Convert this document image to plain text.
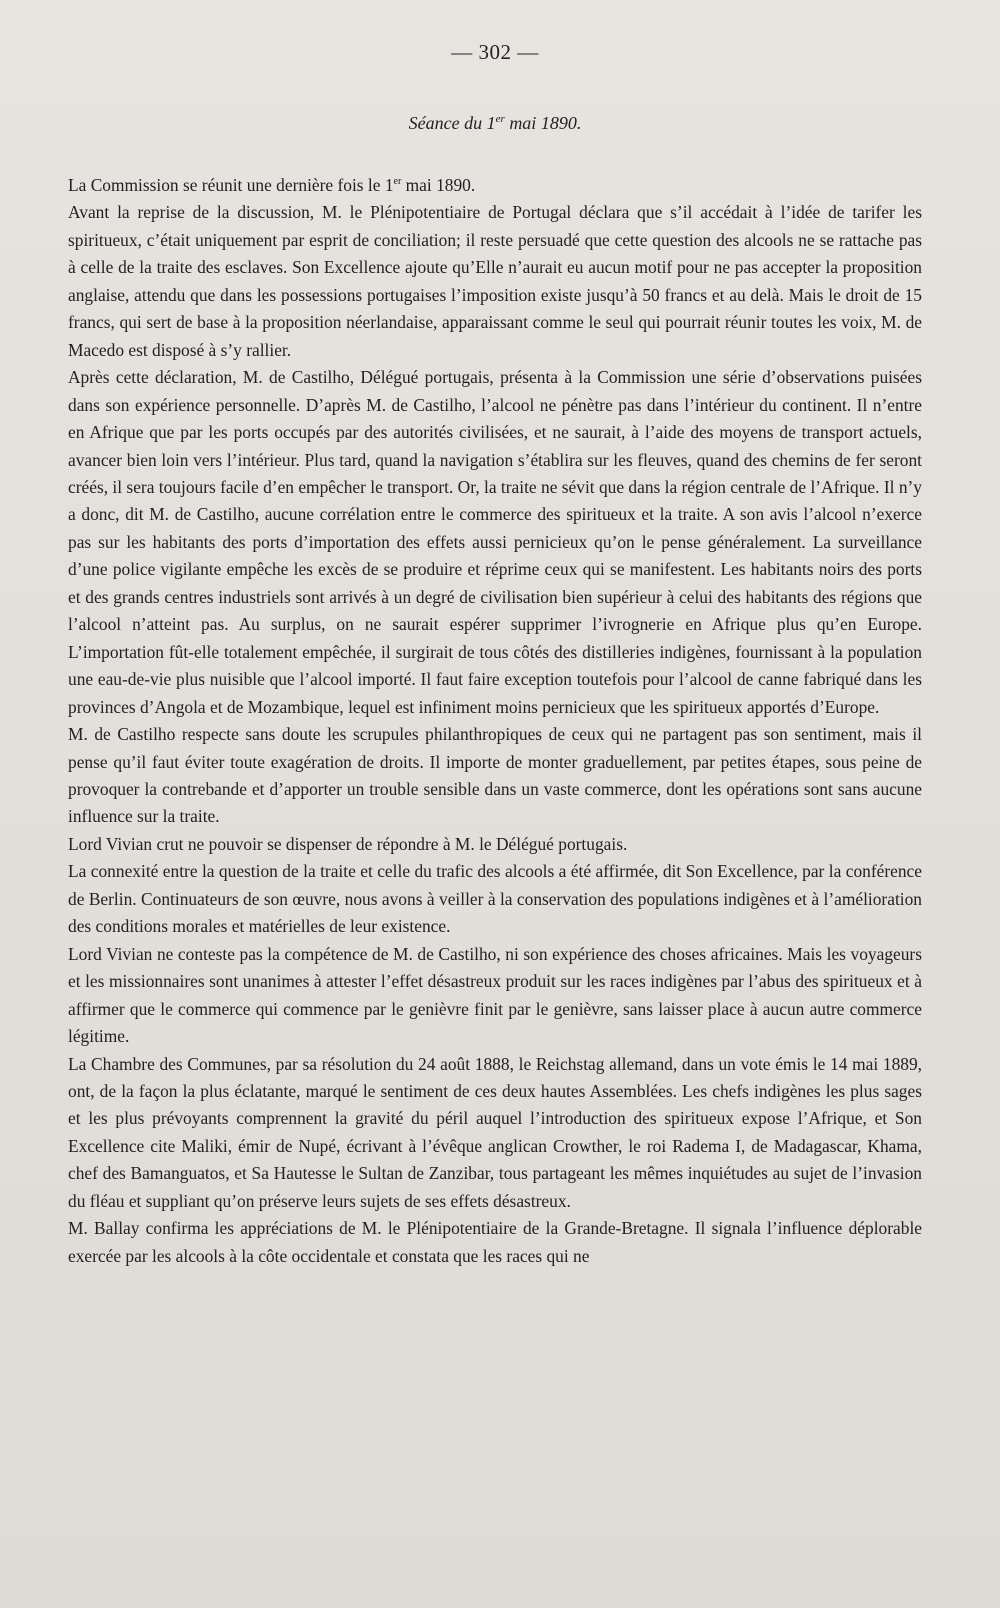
— 302 —
Séance du 1er mai 1890.

La Commission se réunit une dernière fois le 1er mai 1890.

Avant la reprise de la discussion, M. le Plénipotentiaire de Portugal déclara que s’il accédait à l’idée de tarifer les spiritueux, c’était uniquement par esprit de conciliation; il reste persuadé que cette question des alcools ne se rattache pas à celle de la traite des esclaves. Son Excellence ajoute qu’Elle n’aurait eu aucun motif pour ne pas accepter la proposition anglaise, attendu que dans les possessions portugaises l’imposition existe jusqu’à 50 francs et au delà. Mais le droit de 15 francs, qui sert de base à la proposition néerlandaise, apparaissant comme le seul qui pourrait réunir toutes les voix, M. de Macedo est disposé à s’y rallier.

Après cette déclaration, M. de Castilho, Délégué portugais, présenta à la Commission une série d’observations puisées dans son expérience personnelle. D’après M. de Castilho, l’alcool ne pénètre pas dans l’intérieur du continent. Il n’entre en Afrique que par les ports occupés par des autorités civilisées, et ne saurait, à l’aide des moyens de transport actuels, avancer bien loin vers l’intérieur. Plus tard, quand la navigation s’établira sur les fleuves, quand des chemins de fer seront créés, il sera toujours facile d’en empêcher le transport. Or, la traite ne sévit que dans la région centrale de l’Afrique. Il n’y a donc, dit M. de Castilho, aucune corrélation entre le commerce des spiritueux et la traite. A son avis l’alcool n’exerce pas sur les habitants des ports d’importation des effets aussi pernicieux qu’on le pense généralement. La surveillance d’une police vigilante empêche les excès de se produire et réprime ceux qui se manifestent. Les habitants noirs des ports et des grands centres industriels sont arrivés à un degré de civilisation bien supérieur à celui des habitants des régions que l’alcool n’atteint pas. Au surplus, on ne saurait espérer supprimer l’ivrognerie en Afrique plus qu’en Europe. L’importation fût-elle totalement empêchée, il surgirait de tous côtés des distilleries indigènes, fournissant à la population une eau-de-vie plus nuisible que l’alcool importé. Il faut faire exception toutefois pour l’alcool de canne fabriqué dans les provinces d’Angola et de Mozambique, lequel est infiniment moins pernicieux que les spiritueux apportés d’Europe.

M. de Castilho respecte sans doute les scrupules philanthropiques de ceux qui ne partagent pas son sentiment, mais il pense qu’il faut éviter toute exagération de droits. Il importe de monter graduellement, par petites étapes, sous peine de provoquer la contrebande et d’apporter un trouble sensible dans un vaste commerce, dont les opérations sont sans aucune influence sur la traite.

Lord Vivian crut ne pouvoir se dispenser de répondre à M. le Délégué portugais.

La connexité entre la question de la traite et celle du trafic des alcools a été affirmée, dit Son Excellence, par la conférence de Berlin. Continuateurs de son œuvre, nous avons à veiller à la conservation des populations indigènes et à l’amélioration des conditions morales et matérielles de leur existence.

Lord Vivian ne conteste pas la compétence de M. de Castilho, ni son expérience des choses africaines. Mais les voyageurs et les missionnaires sont unanimes à attester l’effet désastreux produit sur les races indigènes par l’abus des spiritueux et à affirmer que le commerce qui commence par le genièvre finit par le genièvre, sans laisser place à aucun autre commerce légitime.

La Chambre des Communes, par sa résolution du 24 août 1888, le Reichstag allemand, dans un vote émis le 14 mai 1889, ont, de la façon la plus éclatante, marqué le sentiment de ces deux hautes Assemblées. Les chefs indigènes les plus sages et les plus prévoyants comprennent la gravité du péril auquel l’introduction des spiritueux expose l’Afrique, et Son Excellence cite Maliki, émir de Nupé, écrivant à l’évêque anglican Crowther, le roi Radema I, de Madagascar, Khama, chef des Bamanguatos, et Sa Hautesse le Sultan de Zanzibar, tous partageant les mêmes inquiétudes au sujet de l’invasion du fléau et suppliant qu’on préserve leurs sujets de ses effets désastreux.

M. Ballay confirma les appréciations de M. le Plénipotentiaire de la Grande-Bretagne. Il signala l’influence déplorable exercée par les alcools à la côte occidentale et constata que les races qui ne
